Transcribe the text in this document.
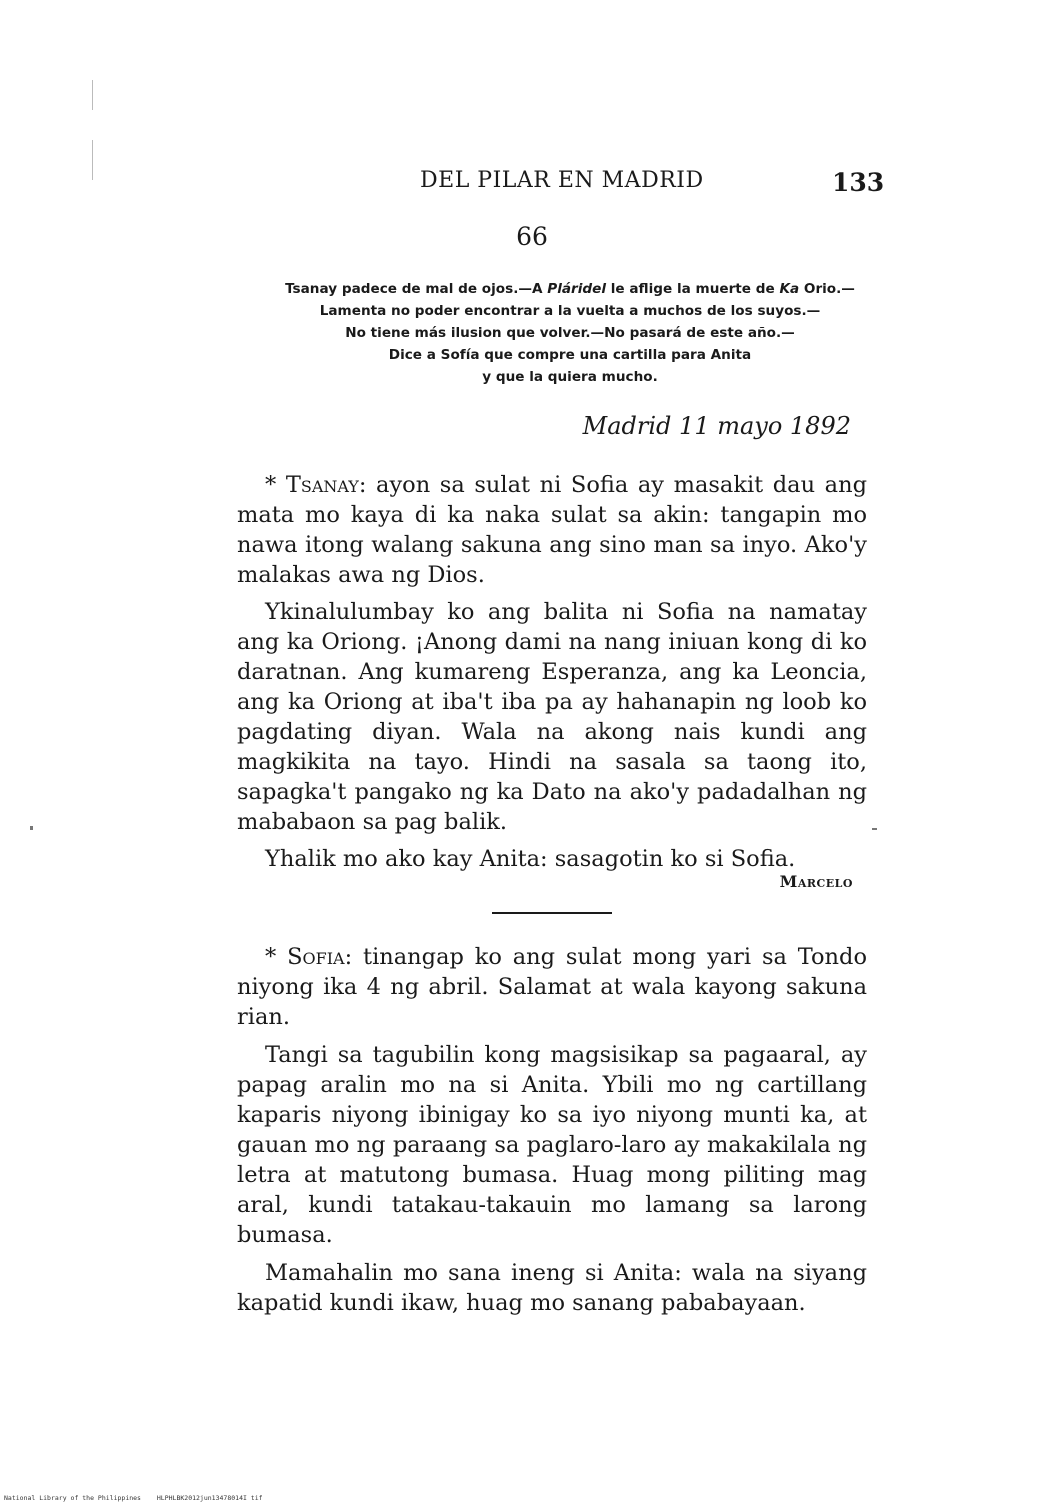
DEL PILAR EN MADRID	133
66
Tsanay padece de mal de ojos.—A Pláridel le aflige la muerte de Ka Orio.—
Lamenta no poder encontrar a la vuelta a muchos de los suyos.—
No tiene más ilusion que volver.—No pasará de este año.—
Dice a Sofía que compre una cartilla para Anita
y que la quiera mucho.
Madrid 11 mayo 1892

* Tsanay: ayon sa sulat ni Sofia ay masakit dau ang mata mo kaya di ka naka sulat sa akin: tangapin mo nawa itong walang sakuna ang sino man sa inyo. Ako'y malakas awa ng Dios.

Ykinalulumbay ko ang balita ni Sofia na namatay ang ka Oriong. ¡Anong dami na nang iniuan kong di ko daratnan. Ang kumareng Esperanza, ang ka Leoncia, ang ka Oriong at iba't iba pa ay hahanapin ng loob ko pagdating diyan. Wala na akong nais kundi ang magkikita na tayo. Hindi na sasala sa taong ito, sapagka't pangako ng ka Dato na ako'y padadalhan ng mababaon sa pag balik.

Yhalik mo ako kay Anita: sasagotin ko si Sofia.

Marcelo

* Sofia: tinangap ko ang sulat mong yari sa Tondo niyong ika 4 ng abril. Salamat at wala kayong sakuna rian.

Tangi sa tagubilin kong magsisikap sa pagaaral, ay papag aralin mo na si Anita. Ybili mo ng cartillang kaparis niyong ibinigay ko sa iyo niyong munti ka, at gauan mo ng paraang sa paglaro-laro ay makakilala ng letra at matutong bumasa. Huag mong piliting mag aral, kundi tatakau-takauin mo lamang sa larong bumasa.

Mamahalin mo sana ineng si Anita: wala na siyang kapatid kundi ikaw, huag mo sanang pababayaan.

National Library of the Philippines HLPHLBK2012jun13478014I tif
